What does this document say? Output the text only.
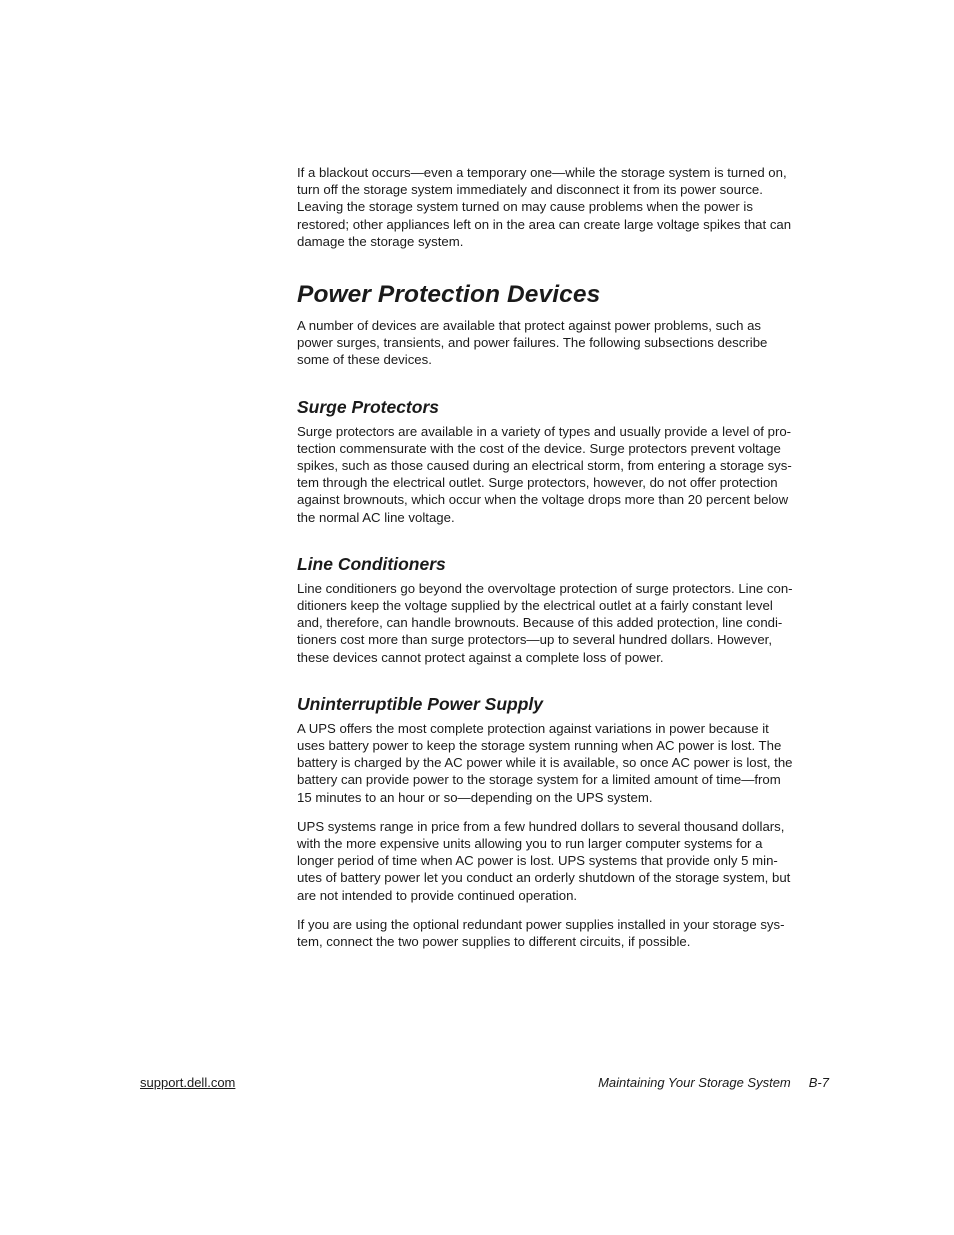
If a blackout occurs—even a temporary one—while the storage system is turned on,
turn off the storage system immediately and disconnect it from its power source.
Leaving the storage system turned on may cause problems when the power is
restored; other appliances left on in the area can create large voltage spikes that can
damage the storage system.

Power Protection Devices

A number of devices are available that protect against power problems, such as
power surges, transients, and power failures. The following subsections describe
some of these devices.

Surge Protectors

Surge protectors are available in a variety of types and usually provide a level of pro-
tection commensurate with the cost of the device. Surge protectors prevent voltage
spikes, such as those caused during an electrical storm, from entering a storage sys-
tem through the electrical outlet. Surge protectors, however, do not offer protection
against brownouts, which occur when the voltage drops more than 20 percent below
the normal AC line voltage.

Line Conditioners

Line conditioners go beyond the overvoltage protection of surge protectors. Line con-
ditioners keep the voltage supplied by the electrical outlet at a fairly constant level
and, therefore, can handle brownouts. Because of this added protection, line condi-
tioners cost more than surge protectors—up to several hundred dollars. However,
these devices cannot protect against a complete loss of power.

Uninterruptible Power Supply

A UPS offers the most complete protection against variations in power because it
uses battery power to keep the storage system running when AC power is lost. The
battery is charged by the AC power while it is available, so once AC power is lost, the
battery can provide power to the storage system for a limited amount of time—from
15 minutes to an hour or so—depending on the UPS system.

UPS systems range in price from a few hundred dollars to several thousand dollars,
with the more expensive units allowing you to run larger computer systems for a
longer period of time when AC power is lost. UPS systems that provide only 5 min-
utes of battery power let you conduct an orderly shutdown of the storage system, but
are not intended to provide continued operation.

If you are using the optional redundant power supplies installed in your storage sys-
tem, connect the two power supplies to different circuits, if possible.

support.dell.com	Maintaining Your Storage System B-7
